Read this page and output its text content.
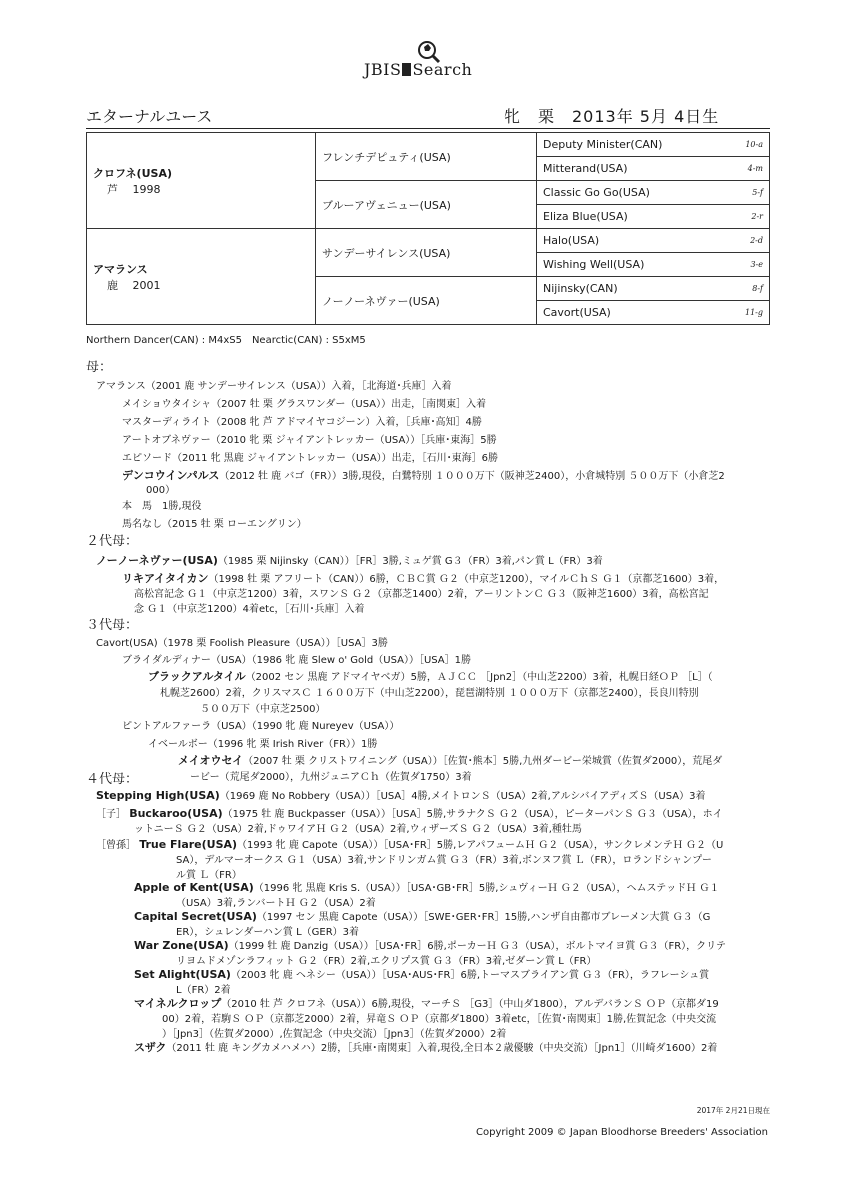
JBIS Search
エターナルユース	牝　栗　2013年 5月 4日生
クロフネ(USA)
芦　 1998	フレンチデピュティ(USA)	Deputy Minister(CAN) 10-a

		Mitterand(USA) 4-m

	ブルーアヴェニュー(USA)	Classic Go Go(USA) 5-f

		Eliza Blue(USA) 2-r

アマランス
鹿　 2001	サンデーサイレンス(USA)	Halo(USA) 2-d

		Wishing Well(USA) 3-e

	ノーノーネヴァー(USA)	Nijinsky(CAN) 8-f

		Cavort(USA) 11-g
Northern Dancer(CAN) : M4xS5　Nearctic(CAN) : S5xM5
母：
アマランス（2001 鹿 サンデーサイレンス（USA））入着，［北海道･兵庫］入着
メイショウタイシャ（2007 牡 栗 グラスワンダー（USA））出走，［南関東］入着
マスターディライト（2008 牝 芦 アドマイヤコジーン）入着，［兵庫･高知］4勝
アートオブネヴァー（2010 牝 栗 ジャイアントレッカー（USA））［兵庫･東海］5勝
エピソード（2011 牝 黒鹿 ジャイアントレッカー（USA））出走，［石川･東海］6勝
デンコウインパルス（2012 牡 鹿 バゴ（FR））3勝,現役，白鷺特別 １０００万下（阪神芝2400），小倉城特別 ５００万下（小倉芝2
000）
本　馬　1勝,現役
馬名なし（2015 牡 栗 ローエングリン）
２代母：
ノーノーネヴァー(USA)（1985 栗 Nijinsky（CAN））［FR］3勝,ミュゲ賞 G３（FR）3着,パン賞 L（FR）3着
リキアイタイカン（1998 牡 栗 アフリート（CAN））6勝，ＣＢＣ賞 Ｇ２（中京芝1200），マイルＣｈＳ Ｇ１（京都芝1600）3着，
高松宮記念 Ｇ１（中京芝1200）3着，スワンＳ Ｇ２（京都芝1400）2着，アーリントンＣ Ｇ３（阪神芝1600）3着，高松宮記
念 Ｇ１（中京芝1200）4着etc，［石川･兵庫］入着
３代母：
Cavort(USA)（1978 栗 Foolish Pleasure（USA））［USA］3勝
ブライダルディナー（USA）（1986 牝 鹿 Slew o' Gold（USA））［USA］1勝
ブラックアルタイル（2002 セン 黒鹿 アドマイヤベガ）5勝，ＡＪＣＣ ［Jpn2］（中山芝2200）3着，札幌日経ＯＰ ［L］（
札幌芝2600）2着，クリスマスＣ １６００万下（中山芝2200），琵琶湖特別 １０００万下（京都芝2400），長良川特別
５００万下（中京芝2500）
ピントアルファーラ（USA）（1990 牝 鹿 Nureyev（USA））
イベールボー（1996 牝 栗 Irish River（FR））1勝
メイオウセイ（2007 牡 栗 クリストワイニング（USA））［佐賀･熊本］5勝,九州ダービー栄城賞（佐賀ダ2000），荒尾ダ
ービー（荒尾ダ2000），九州ジュニアＣｈ（佐賀ダ1750）3着
４代母：
Stepping High(USA)（1969 鹿 No Robbery（USA））［USA］4勝,メイトロンＳ（USA）2着,アルシバイアディズＳ（USA）3着
［子］ Buckaroo(USA)（1975 牡 鹿 Buckpasser（USA））［USA］5勝,サラナクＳ Ｇ２（USA），ピーターパンＳ Ｇ３（USA），ホイ
ットニーＳ Ｇ２（USA）2着,ドゥワイアＨ Ｇ２（USA）2着,ウィザーズＳ Ｇ２（USA）3着,種牡馬
［曾孫］ True Flare(USA)（1993 牝 鹿 Capote（USA））［USA･FR］5勝,レアパフュームＨ Ｇ２（USA），サンクレメンテＨ Ｇ２（U
SA），デルマーオークス Ｇ１（USA）3着,サンドリンガム賞 Ｇ３（FR）3着,ボンヌフ賞 Ｌ（FR），ロランドシャンプー
ル賞 Ｌ（FR）
Apple of Kent(USA)（1996 牝 黒鹿 Kris S.（USA））［USA･GB･FR］5勝,シュヴィーＨ Ｇ２（USA），ヘムステッドＨ Ｇ１
（USA）3着,ランバートＨ Ｇ２（USA）2着
Capital Secret(USA)（1997 セン 黒鹿 Capote（USA））［SWE･GER･FR］15勝,ハンザ自由都市ブレーメン大賞 Ｇ３（G
ER），シュレンダーハン賞 L（GER）3着
War Zone(USA)（1999 牡 鹿 Danzig（USA））［USA･FR］6勝,ポーカーＨ Ｇ３（USA），ボルトマイヨ賞 Ｇ３（FR），クリテ
リヨムドメゾンラフィット Ｇ２（FR）2着,エクリプス賞 Ｇ３（FR）3着,ゼダーン賞 L（FR）
Set Alight(USA)（2003 牝 鹿 ヘネシー（USA））［USA･AUS･FR］6勝,トーマスブライアン賞 Ｇ３（FR），ラフレーシュ賞
L（FR）2着
マイネルクロップ（2010 牡 芦 クロフネ（USA））6勝,現役，マーチＳ ［G3］（中山ダ1800），アルデバランＳ ＯＰ（京都ダ19
00）2着，若駒Ｓ ＯＰ（京都芝2000）2着，昇竜Ｓ ＯＰ（京都ダ1800）3着etc，［佐賀･南関東］1勝,佐賀記念（中央交流
）［Jpn3］（佐賀ダ2000）,佐賀記念（中央交流）［Jpn3］（佐賀ダ2000）2着
スザク（2011 牡 鹿 キングカメハメハ）2勝，［兵庫･南関東］入着,現役,全日本２歳優駿（中央交流）［Jpn1］（川崎ダ1600）2着
2017年 2月21日現在
Copyright 2009 © Japan Bloodhorse Breeders' Association
